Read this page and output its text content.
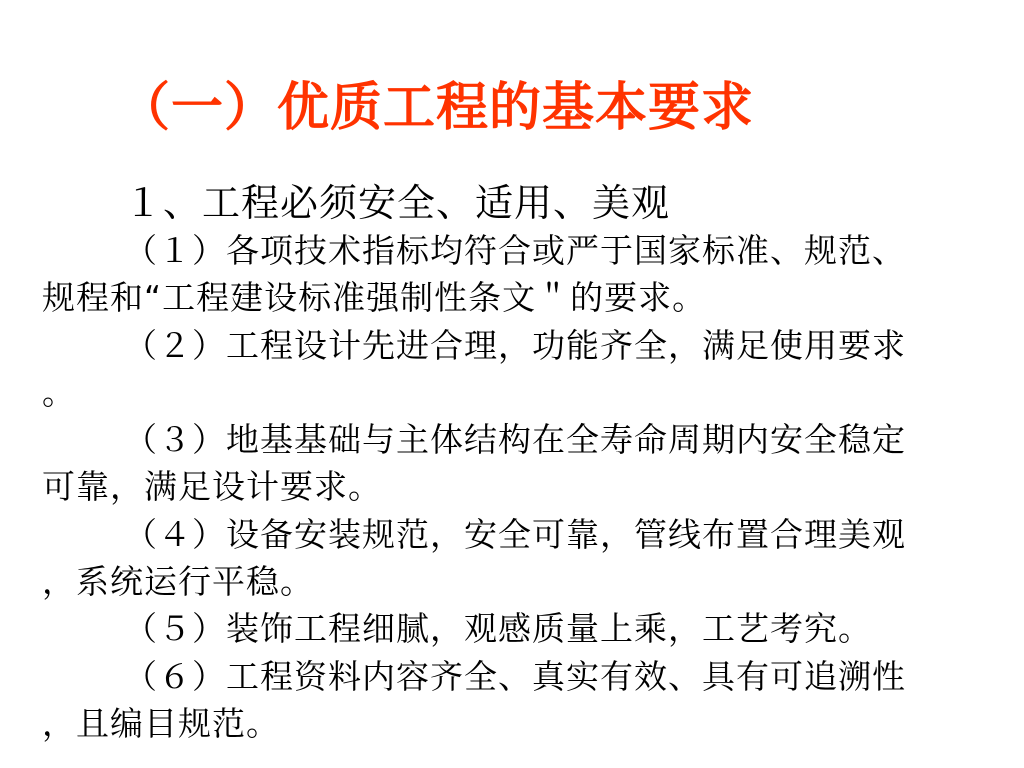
（一）优质工程的基本要求
１、工程必须安全、适用、美观
（１）各项技术指标均符合或严于国家标准、规范、
规程和“工程建设标准强制性条文＂的要求。
（２）工程设计先进合理，功能齐全，满足使用要求
。
（３）地基基础与主体结构在全寿命周期内安全稳定
可靠，满足设计要求。
（４）设备安装规范，安全可靠，管线布置合理美观
，系统运行平稳。
（５）装饰工程细腻，观感质量上乘，工艺考究。
（６）工程资料内容齐全、真实有效、具有可追溯性
，且编目规范。
